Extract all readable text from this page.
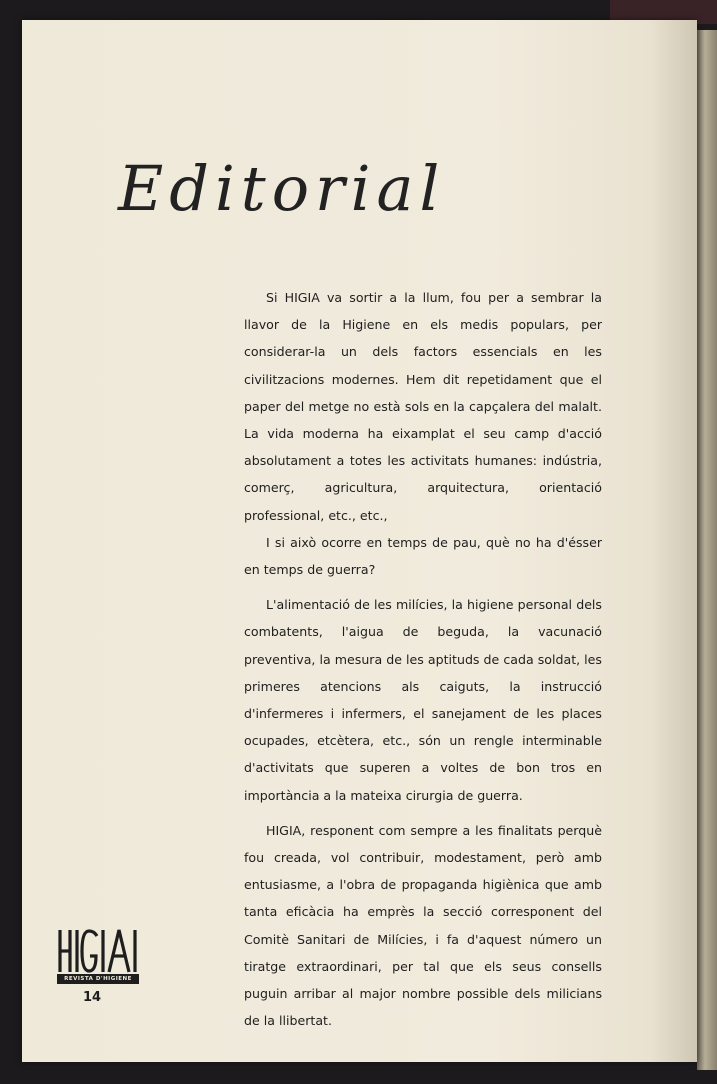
Editorial

Si HIGIA va sortir a la llum, fou per a sembrar la llavor de la Higiene en els medis populars, per considerar-la un dels factors essencials en les civilitzacions modernes. Hem dit repetidament que el paper del metge no està sols en la capçalera del malalt. La vida moderna ha eixamplat el seu camp d'acció absolutament a totes les activitats humanes: indústria, comerç, agricultura, arquitectura, orientació professional, etc., etc.,

I si això ocorre en temps de pau, què no ha d'ésser en temps de guerra?

L'alimentació de les milícies, la higiene personal dels combatents, l'aigua de beguda, la vacunació preventiva, la mesura de les aptituds de cada soldat, les primeres atencions als caiguts, la instrucció d'infermeres i infermers, el sanejament de les places ocupades, etcètera, etc., són un rengle interminable d'activitats que superen a voltes de bon tros en importància a la mateixa cirurgia de guerra.

HIGIA, responent com sempre a les finalitats perquè fou creada, vol contribuir, modestament, però amb entusiasme, a l'obra de propaganda higiènica que amb tanta eficàcia ha emprès la secció corresponent del Comitè Sanitari de Milícies, i fa d'aquest número un tiratge extraordinari, per tal que els seus consells puguin arribar al major nombre possible dels milicians de la llibertat.

REVISTA D'HIGIENE
14
